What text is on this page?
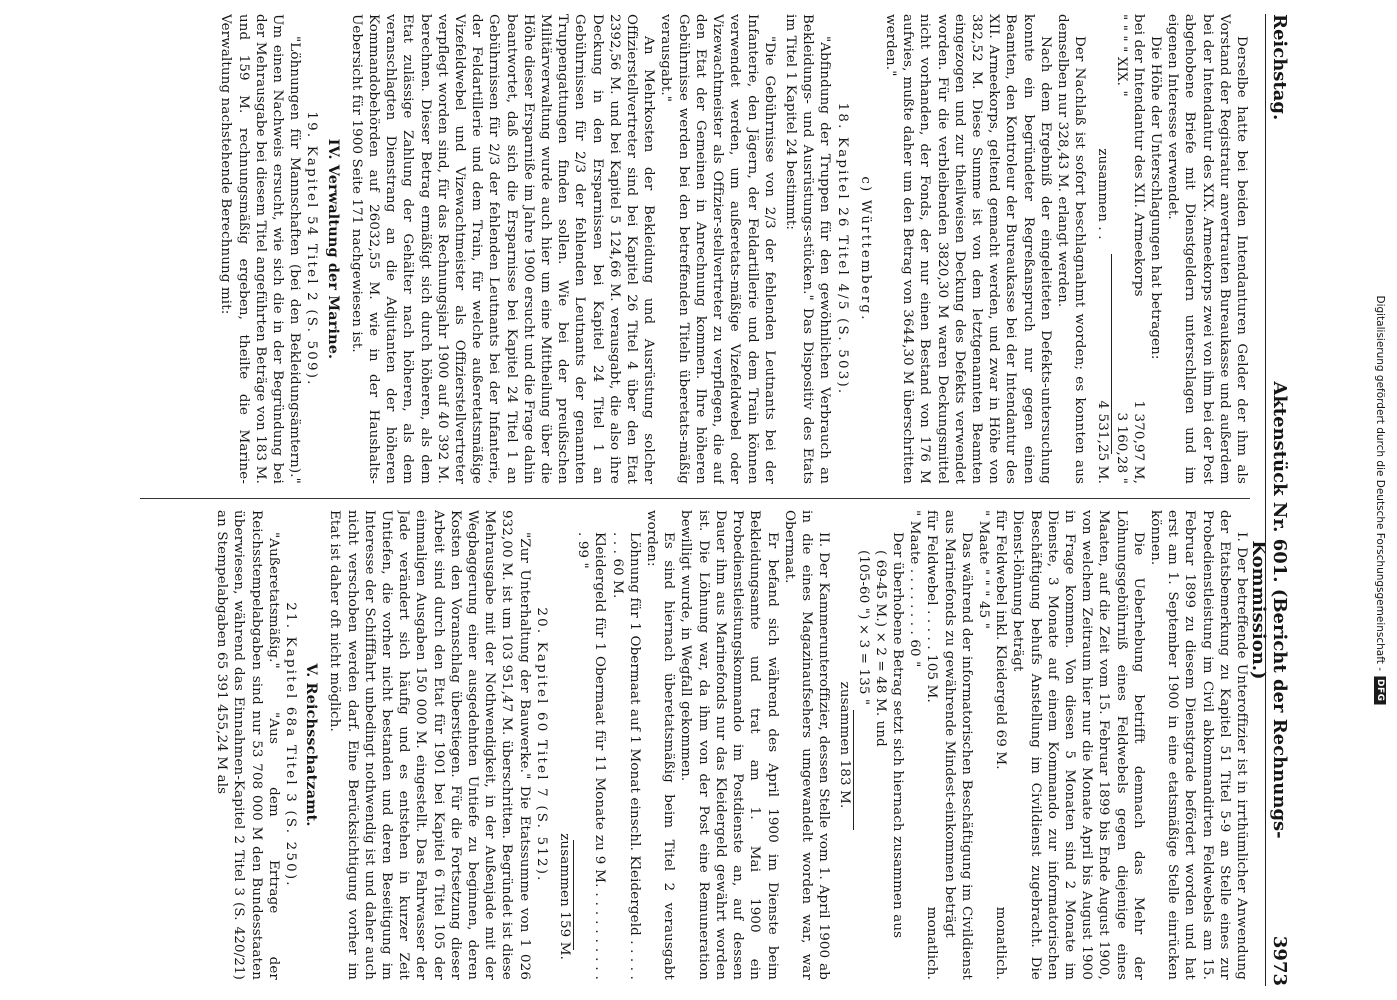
Digitalisierung gefördert durch die Deutsche Forschungsgemeinschaft -
DFG
Reichstag.
Aktenstück Nr. 601. (Bericht der Rechnungs-Kommission.)
3973

Derselbe hatte bei beiden Intendanturen Gelder der ihm als Vorstand der Registratur anvertrauten Bureaukasse und außerdem bei der Intendantur des XIX. Armeekorps zwei von ihm bei der Post abgehobene Briefe mit Dienstgeldern unterschlagen und im eigenen Interesse verwendet.

Die Höhe der Unterschlagungen hat betragen:

bei der Intendantur des XII. Armeekorps
1 370,97 M,
" " " " XIX. "
3 160,28 "
zusammen . .
4 531,25 M.

Der Nachlaß ist sofort beschlagnahmt worden; es konnten aus demselben nur 328,43 M. erlangt werden.

Nach dem Ergebniß der eingeleiteten Defekts-untersuchung konnte ein begründeter Regreßanspruch nur gegen einen Beamten, den Kontroleur der Bureaukasse bei der Intendantur des XII. Armeekorps, geltend gemacht werden, und zwar in Höhe von 382,52 M. Diese Summe ist von dem letztgenannten Beamten eingezogen und zur theilweisen Deckung des Defekts verwendet worden. Für die verbleibenden 3820,30 M waren Deckungsmittel nicht vorhanden, der Fonds, der nur einen Bestand von 176 M aufwies, mußte daher um den Betrag von 3644,30 M überschritten werden."

c) Württemberg.

18. Kapitel 26 Titel 4/5 (S. 503).

"Abfindung der Truppen für den gewöhnlichen Verbrauch an Bekleidungs- und Ausrüstungs-stücken." Das Dispositiv des Etats im Titel 1 Kapitel 24 bestimmt:

"Die Gebührnisse von 2/3 der fehlenden Leutnants bei der Infanterie, den Jägern, der Feldartillerie und dem Train können verwendet werden, um außeretats-mäßige Vizefeldwebel oder Vizewachtmeister als Offizier-stellvertreter zu verpflegen, die auf den Etat der Gemeinen in Anrechnung kommen. Ihre höheren Gebührnisse werden bei den betreffenden Titeln überetats-mäßig verausgabt."

An Mehrkosten der Bekleidung und Ausrüstung solcher Offizierstellvertreter sind bei Kapitel 26 Titel 4 über den Etat 2392,56 M. und bei Kapitel 5 124,66 M. verausgabt, die also ihre Deckung in den Ersparnissen bei Kapitel 24 Titel 1 an Gebührnissen für 2/3 der fehlenden Leutnants der genannten Truppengattungen finden sollen. Wie bei der preußischen Militärverwaltung wurde auch hier um eine Mittheilung über die Höhe dieser Ersparniße im Jahre 1900 ersucht und die Frage dahin beantwortet, daß sich die Ersparnisse bei Kapitel 24 Titel 1 an Gebührnissen für 2/3 der fehlenden Leutnants bei der Infanterie, der Feldartillerie und dem Train, für welche außeretatsmäßige Vizefeldwebel und Vizewachtmeister als Offizierstellvertreter verpflegt worden sind, für das Rechnungsjahr 1900 auf 40 392 M. berechnen. Dieser Betrag ermäßigt sich durch höheren, als dem Etat zulässige Zahlung der Gehälter nach höheren, als dem veranschlagten Dienstrang an die Adjutanten der höheren Kommandobehörden auf 26032,55 M. wie in der Haushalts-Uebersicht für 1900 Seite 171 nachgewiesen ist.

IV. Verwaltung der Marine.

19. Kapitel 54 Titel 2 (S. 509).

"Löhnungen für Mannschaften (bei den Bekleidungsämtern)." Um einen Nachweis ersucht, wie sich die in der Begründung bei der Mehrausgabe bei diesem Titel angeführten Beträge von 183 M. und 159 M. rechnungsmäßig ergeben, theilte die Marine-Verwaltung nachstehende Berechnung mit:

I. Der betreffende Unteroffizier ist in irrthümlicher Anwendung der Etatsbemerkung zu Kapitel 51 Titel 5-9 an Stelle eines zur Probedienstleistung im Civil abkommandirten Feldwebels am 15. Februar 1899 zu diesem Dienstgrade befördert worden und hat erst am 1. September 1900 in eine etatsmäßige Stelle einrücken können.

Die Ueberhebung betrifft demnach das Mehr der Löhnungsgebührniß eines Feldwebels gegen diejenige eines Maaten, auf die Zeit vom 15. Februar 1899 bis Ende August 1900, von welchem Zeitraum hier nur die Monate April bis August 1900 in Frage kommen. Von diesen 5 Monaten sind 2 Monate im Dienste, 3 Monate auf einem Kommando zur informatorischen Beschäftigung behufs Anstellung im Civildienst zugebracht. Die Dienst-löhnung beträgt

für Feldwebel inkl. Kleidergeld 69 M.
monatlich.
" Maate " " " 45 "

Das während der informatorischen Beschäftigung im Civildienst aus Marinefonds zu gewährende Mindest-einkommen beträgt

für Feldwebel . . . . . 105 M.
monatlich.
" Maate . . . . . . . . 60 "

Der überhobene Betrag setzt sich hiernach zusammen aus

( 69-45 M.) × 2 = 48 M. und

(105-60 ") × 3 = 135 "

zusammen 183 M.

II. Der Kammerunteroffizier, dessen Stelle vom 1. April 1900 ab in die eines Magazinaufsehers umgewandelt worden war, war Obermaat.

Er befand sich während des April 1900 im Dienste beim Bekleidungsamte und trat am 1. Mai 1900 ein Probedienstleistungskommando im Postdienste an, auf dessen Dauer ihm aus Marinefonds nur das Kleidergeld gewährt worden ist. Die Löhnung war, da ihm von der Post eine Remuneration bewilligt wurde, in Wegfall gekommen.

Es sind hiernach überetatsmäßig beim Titel 2 verausgabt worden:

Löhnung für 1 Obermaat auf 1 Monat einschl. Kleidergeld . . . . . . . . 60 M.

Kleidergeld für 1 Obermaat für 11 Monate zu 9 M. . . . . . . . . . . . 99 "

zusammen 159 M.

20. Kapitel 60 Titel 7 (S. 512).

"Zur Unterhaltung der Bauwerke." Die Etatssumme von 1 026 932,00 M. ist um 103 951,47 M. überschritten. Begründet ist diese Mehrausgabe mit der Nothwendigkeit, in der Außenjade mit der Wegbaggerung einer ausgedehnten Untiefe zu beginnen, deren Kosten den Voranschlag überstiegen. Für die Fortsetzung dieser Arbeit sind durch den Etat für 1901 bei Kapitel 6 Titel 105 der einmaligen Ausgaben 150 000 M. eingestellt. Das Fahrwasser der Jade verändert sich häufig und es entstehen in kurzer Zeit Untiefen, die vorher nicht bestanden und deren Beseitigung im Interesse der Schifffahrt unbedingt nothwendig ist und daher auch nicht verschoben werden darf. Eine Berücksichtigung vorher im Etat ist daher oft nicht möglich.

V. Reichsschatzamt.

21. Kapitel 68a Titel 3 (S. 250).

"Außeretatsmäßig." "Aus dem Ertrage der Reichsstempelabgaben sind nur 53 708 000 M den Bundesstaaten überwiesen, während das Einnahmen-Kapitel 2 Titel 3 (S. 420/21) an Stempelabgaben 65 391 455,24 M als
